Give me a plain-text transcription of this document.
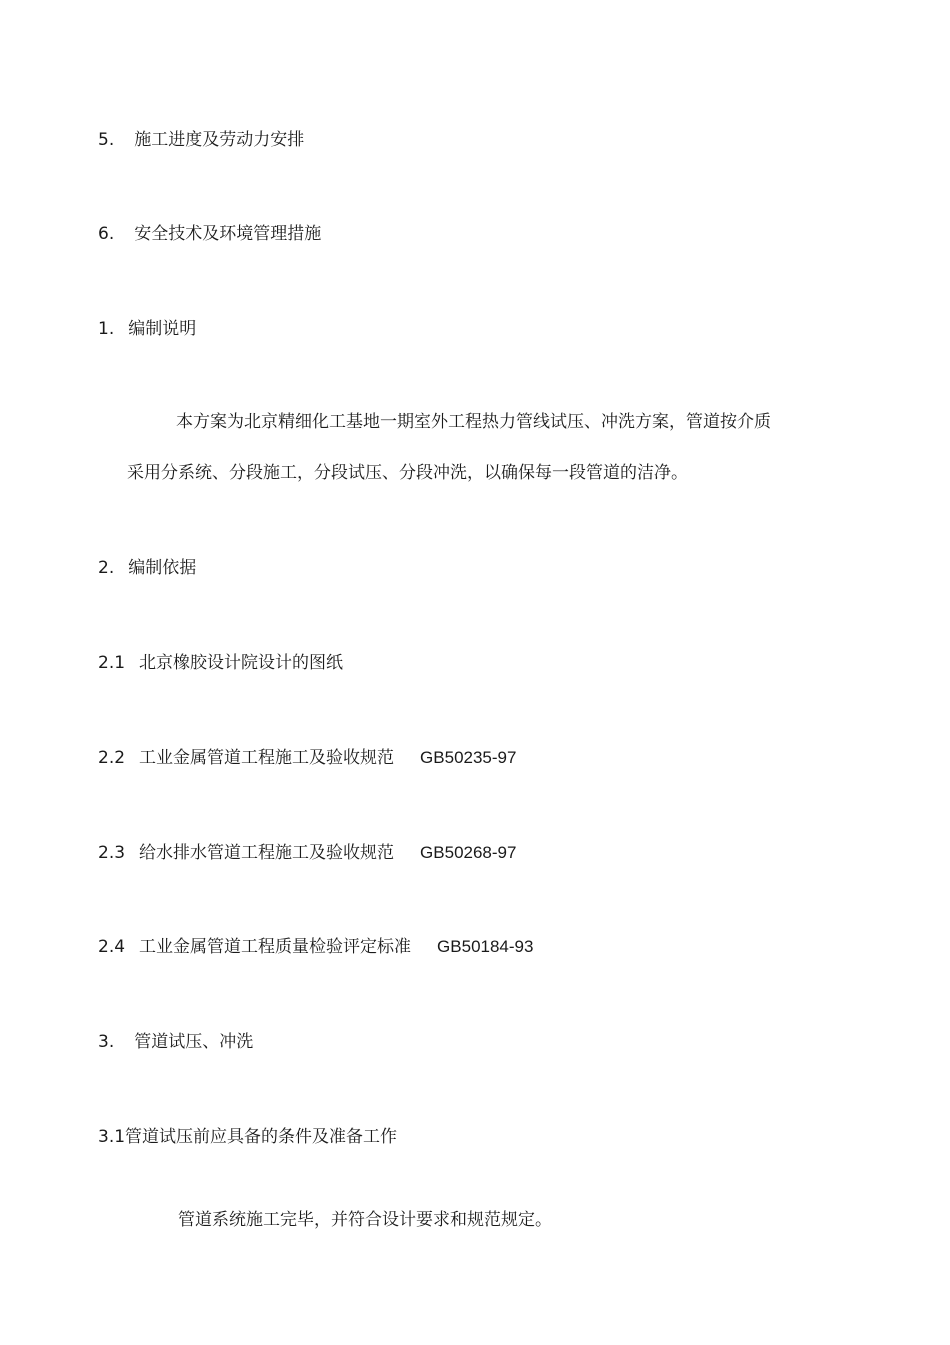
5. 施工进度及劳动力安排
6. 安全技术及环境管理措施
1. 编制说明
本方案为北京精细化工基地一期室外工程热力管线试压、冲洗方案，管道按介质
采用分系统、分段施工，分段试压、分段冲洗，以确保每一段管道的洁净。
2. 编制依据
2.1 北京橡胶设计院设计的图纸
2.2 工业金属管道工程施工及验收规范 GB50235-97
2.3 给水排水管道工程施工及验收规范 GB50268-97
2.4 工业金属管道工程质量检验评定标准 GB50184-93
3. 管道试压、冲洗
3.1管道试压前应具备的条件及准备工作
管道系统施工完毕，并符合设计要求和规范规定。
